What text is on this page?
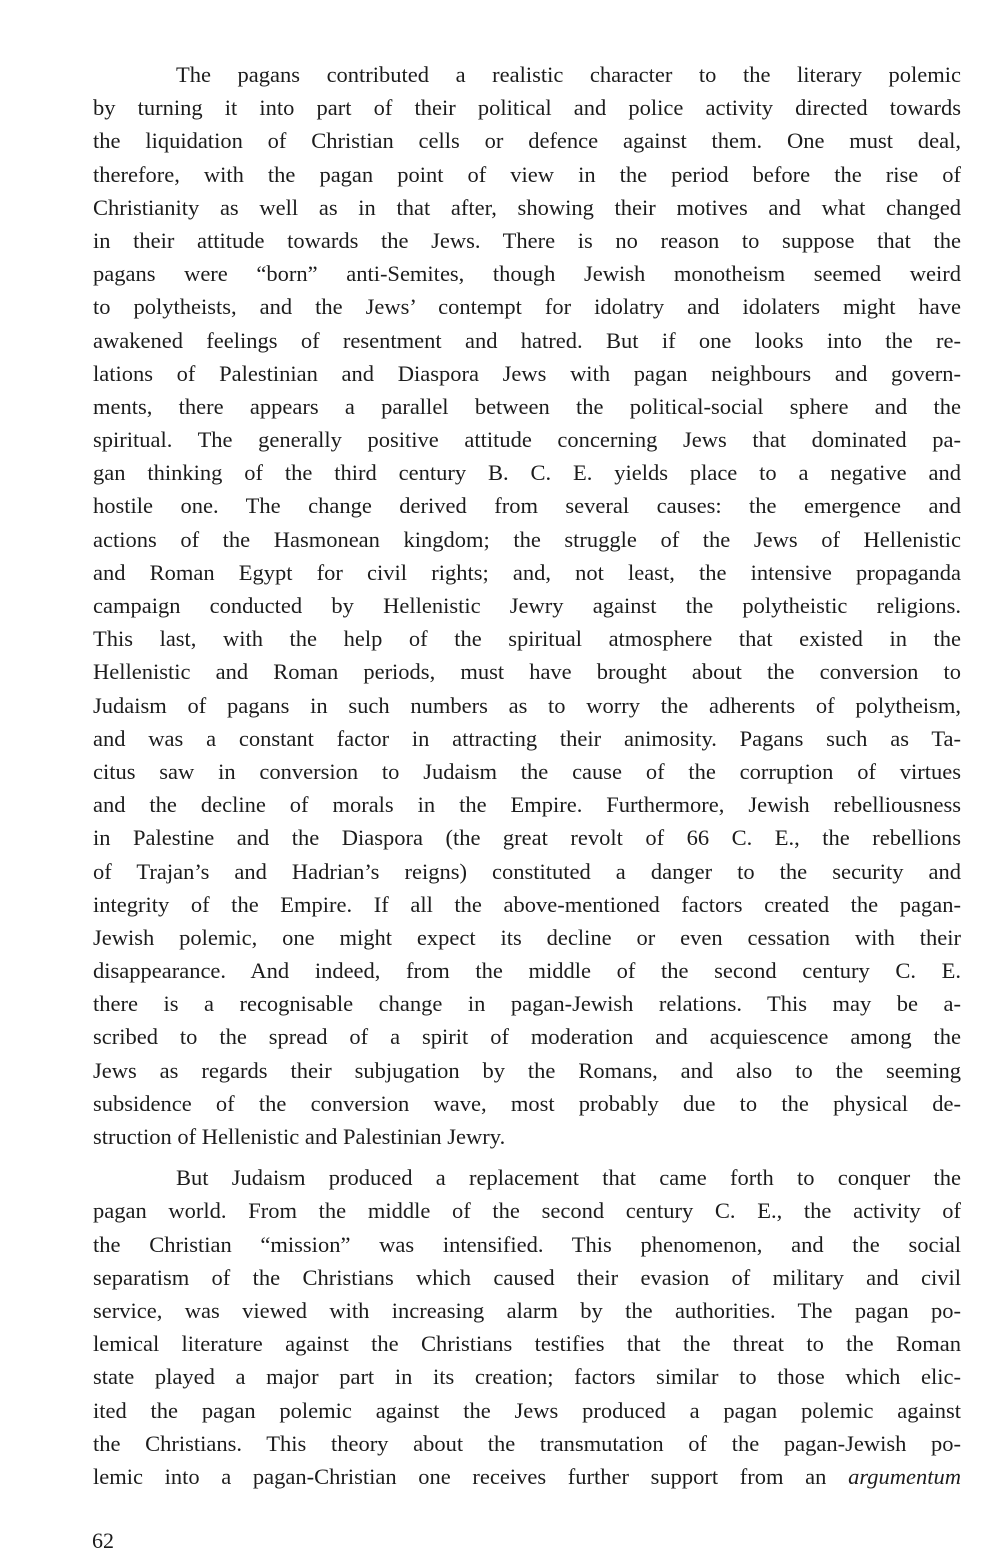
The pagans contributed a realistic character to the literary polemic
by turning it into part of their political and police activity directed towards
the liquidation of Christian cells or defence against them. One must deal,
therefore, with the pagan point of view in the period before the rise of
Christianity as well as in that after, showing their motives and what changed
in their attitude towards the Jews. There is no reason to suppose that the
pagans were “born” anti-Semites, though Jewish monotheism seemed weird
to polytheists, and the Jews’ contempt for idolatry and idolaters might have
awakened feelings of resentment and hatred. But if one looks into the re-
lations of Palestinian and Diaspora Jews with pagan neighbours and govern-
ments, there appears a parallel between the political-social sphere and the
spiritual. The generally positive attitude concerning Jews that dominated pa-
gan thinking of the third century B. C. E. yields place to a negative and
hostile one. The change derived from several causes: the emergence and
actions of the Hasmonean kingdom; the struggle of the Jews of Hellenistic
and Roman Egypt for civil rights; and, not least, the intensive propaganda
campaign conducted by Hellenistic Jewry against the polytheistic religions.
This last, with the help of the spiritual atmosphere that existed in the
Hellenistic and Roman periods, must have brought about the conversion to
Judaism of pagans in such numbers as to worry the adherents of polytheism,
and was a constant factor in attracting their animosity. Pagans such as Ta-
citus saw in conversion to Judaism the cause of the corruption of virtues
and the decline of morals in the Empire. Furthermore, Jewish rebelliousness
in Palestine and the Diaspora (the great revolt of 66 C. E., the rebellions
of Trajan’s and Hadrian’s reigns) constituted a danger to the security and
integrity of the Empire. If all the above-mentioned factors created the pagan-
Jewish polemic, one might expect its decline or even cessation with their
disappearance. And indeed, from the middle of the second century C. E.
there is a recognisable change in pagan-Jewish relations. This may be a-
scribed to the spread of a spirit of moderation and acquiescence among the
Jews as regards their subjugation by the Romans, and also to the seeming
subsidence of the conversion wave, most probably due to the physical de-
struction of Hellenistic and Palestinian Jewry.
But Judaism produced a replacement that came forth to conquer the
pagan world. From the middle of the second century C. E., the activity of
the Christian “mission” was intensified. This phenomenon, and the social
separatism of the Christians which caused their evasion of military and civil
service, was viewed with increasing alarm by the authorities. The pagan po-
lemical literature against the Christians testifies that the threat to the Roman
state played a major part in its creation; factors similar to those which elic-
ited the pagan polemic against the Jews produced a pagan polemic against
the Christians. This theory about the transmutation of the pagan-Jewish po-
lemic into a pagan-Christian one receives further support from an argumentum
62
